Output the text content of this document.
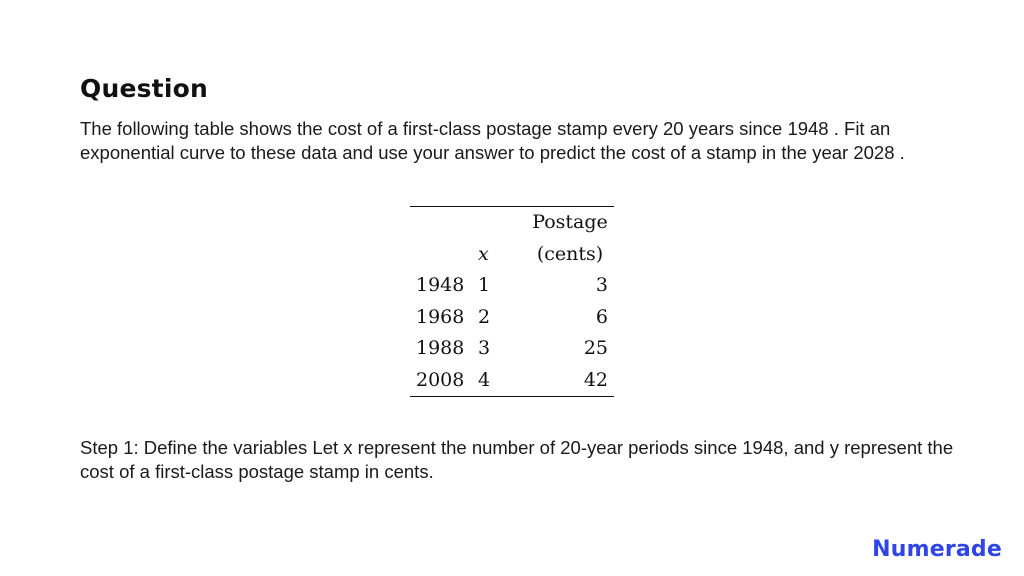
Question
The following table shows the cost of a first-class postage stamp every 20 years since 1948 . Fit an exponential curve to these data and use your answer to predict the cost of a stamp in the year 2028 .
		Postage
	x	(cents)
1948	1	3
1968	2	6
1988	3	25
2008	4	42
Step 1: Define the variables Let x represent the number of 20-year periods since 1948, and y represent the cost of a first-class postage stamp in cents.
Numerade
